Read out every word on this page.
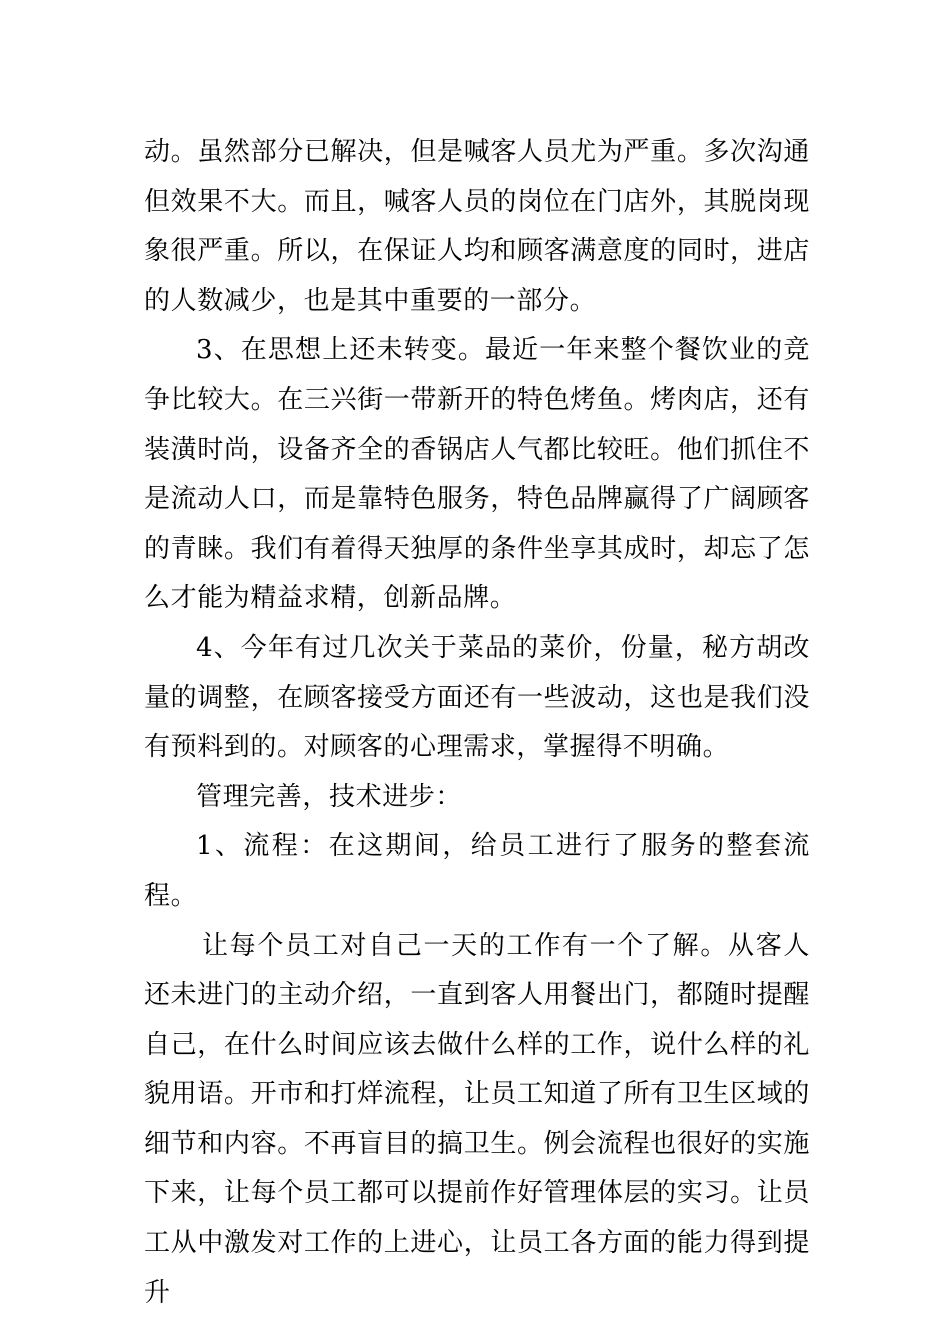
动。虽然部分已解决，但是喊客人员尤为严重。多次沟通但效果不大。而且，喊客人员的岗位在门店外，其脱岗现象很严重。所以，在保证人均和顾客满意度的同时，进店的人数减少，也是其中重要的一部分。

3、在思想上还未转变。最近一年来整个餐饮业的竞争比较大。在三兴街一带新开的特色烤鱼。烤肉店，还有装潢时尚，设备齐全的香锅店人气都比较旺。他们抓住不是流动人口，而是靠特色服务，特色品牌赢得了广阔顾客的青睐。我们有着得天独厚的条件坐享其成时，却忘了怎么才能为精益求精，创新品牌。

4、今年有过几次关于菜品的菜价，份量，秘方胡改量的调整，在顾客接受方面还有一些波动，这也是我们没有预料到的。对顾客的心理需求，掌握得不明确。

管理完善，技术进步：

1、流程：在这期间，给员工进行了服务的整套流程。

让每个员工对自己一天的工作有一个了解。从客人还未进门的主动介绍，一直到客人用餐出门，都随时提醒自己，在什么时间应该去做什么样的工作，说什么样的礼貌用语。开市和打烊流程，让员工知道了所有卫生区域的细节和内容。不再盲目的搞卫生。例会流程也很好的实施下来，让每个员工都可以提前作好管理体层的实习。让员工从中激发对工作的上进心，让员工各方面的能力得到提升
